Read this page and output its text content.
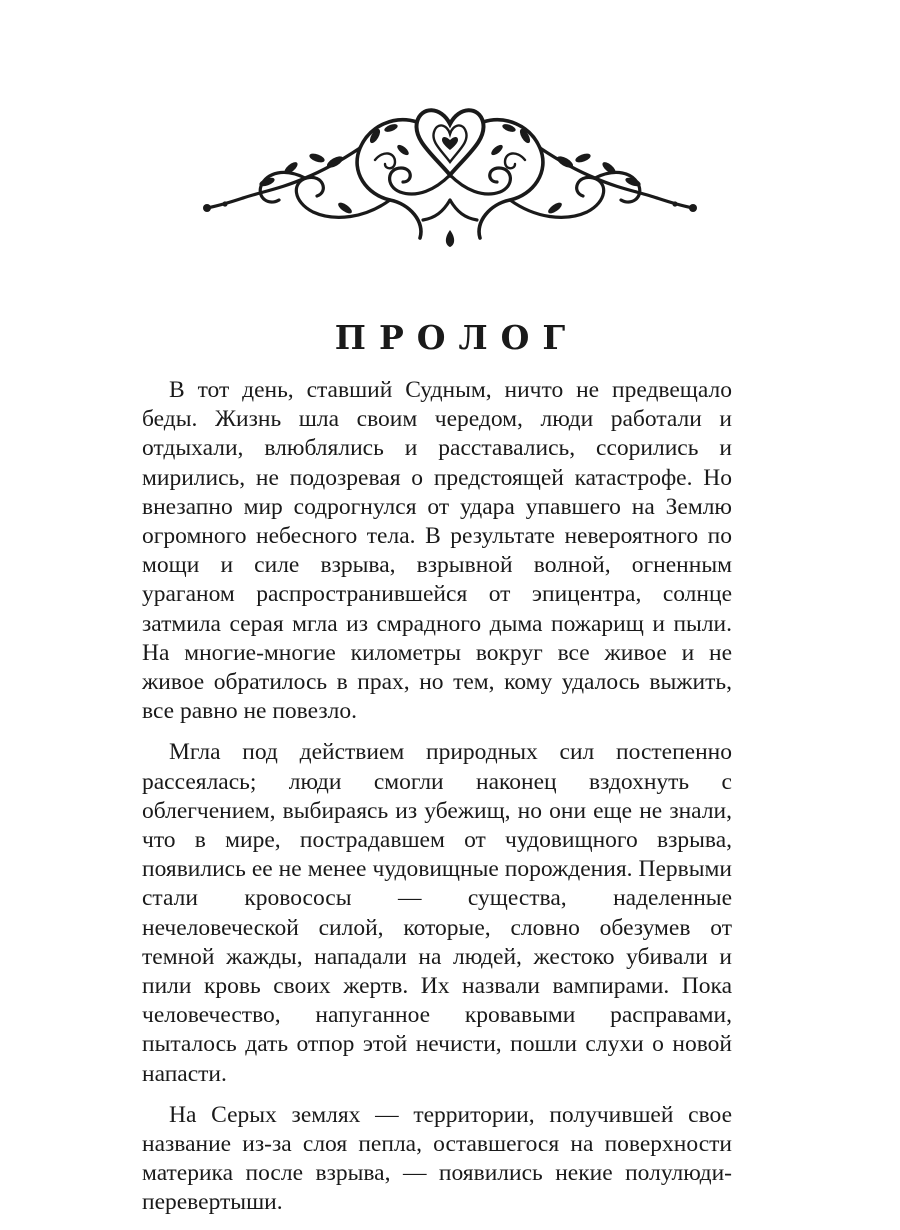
ПРОЛОГ

В тот день, ставший Судным, ничто не предвещало беды. Жизнь шла своим чередом, люди работали и отдыхали, влюблялись и расставались, ссорились и мирились, не подозревая о предстоящей катастрофе. Но внезапно мир содрогнулся от удара упавшего на Землю огромного небесного тела. В результате невероятного по мощи и силе взрыва, взрывной волной, огненным ураганом распространившейся от эпицентра, солнце затмила серая мгла из смрадного дыма пожарищ и пыли. На многие-многие километры вокруг все живое и не живое обратилось в прах, но тем, кому удалось выжить, все равно не повезло.

Мгла под действием природных сил постепенно рассеялась; люди смогли наконец вздохнуть с облегчением, выбираясь из убежищ, но они еще не знали, что в мире, пострадавшем от чудовищного взрыва, появились ее не менее чудовищные порождения. Первыми стали кровососы — существа, наделенные нечеловеческой силой, которые, словно обезумев от темной жажды, нападали на людей, жестоко убивали и пили кровь своих жертв. Их назвали вампирами. Пока человечество, напуганное кровавыми расправами, пыталось дать отпор этой нечисти, пошли слухи о новой напасти.

На Серых землях — территории, получившей свое название из-за слоя пепла, оставшегося на поверхности материка после взрыва, — появились некие полулюди-перевертыши.
